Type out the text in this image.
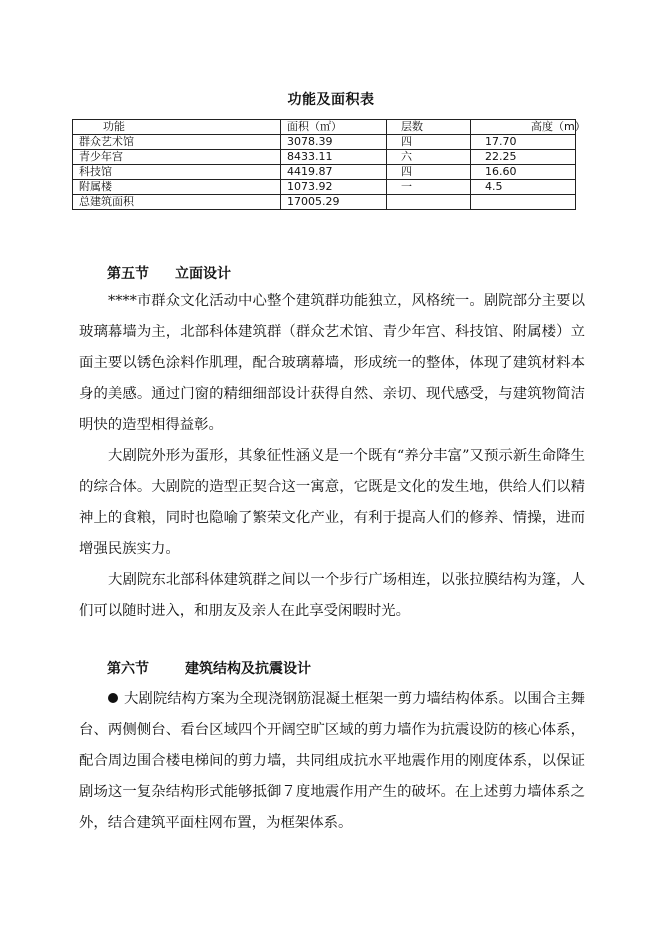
功能及面积表
功能	面积（㎡）	层数	高度（m）
群众艺术馆	3078.39	四	17.70
青少年宫	8433.11	六	22.25
科技馆	4419.87	四	16.60
附属楼	1073.92	一	4.5
总建筑面积	17005.29		
第五节 立面设计

****市群众文化活动中心整个建筑群功能独立，风格统一。剧院部分主要以玻璃幕墙为主，北部科体建筑群（群众艺术馆、青少年宫、科技馆、附属楼）立面主要以锈色涂料作肌理，配合玻璃幕墙，形成统一的整体，体现了建筑材料本身的美感。通过门窗的精细细部设计获得自然、亲切、现代感受，与建筑物简洁明快的造型相得益彰。

大剧院外形为蛋形，其象征性涵义是一个既有“养分丰富”又预示新生命降生的综合体。大剧院的造型正契合这一寓意，它既是文化的发生地，供给人们以精神上的食粮，同时也隐喻了繁荣文化产业，有利于提高人们的修养、情操，进而增强民族实力。

大剧院东北部科体建筑群之间以一个步行广场相连，以张拉膜结构为篷，人们可以随时进入，和朋友及亲人在此享受闲暇时光。

第六节	建筑结构及抗震设计

大剧院结构方案为全现浇钢筋混凝土框架一剪力墙结构体系。以围合主舞台、两侧侧台、看台区域四个开阔空旷区域的剪力墙作为抗震设防的核心体系，配合周边围合楼电梯间的剪力墙，共同组成抗水平地震作用的刚度体系，以保证剧场这一复杂结构形式能够抵御７度地震作用产生的破坏。在上述剪力墙体系之外，结合建筑平面柱网布置，为框架体系。
